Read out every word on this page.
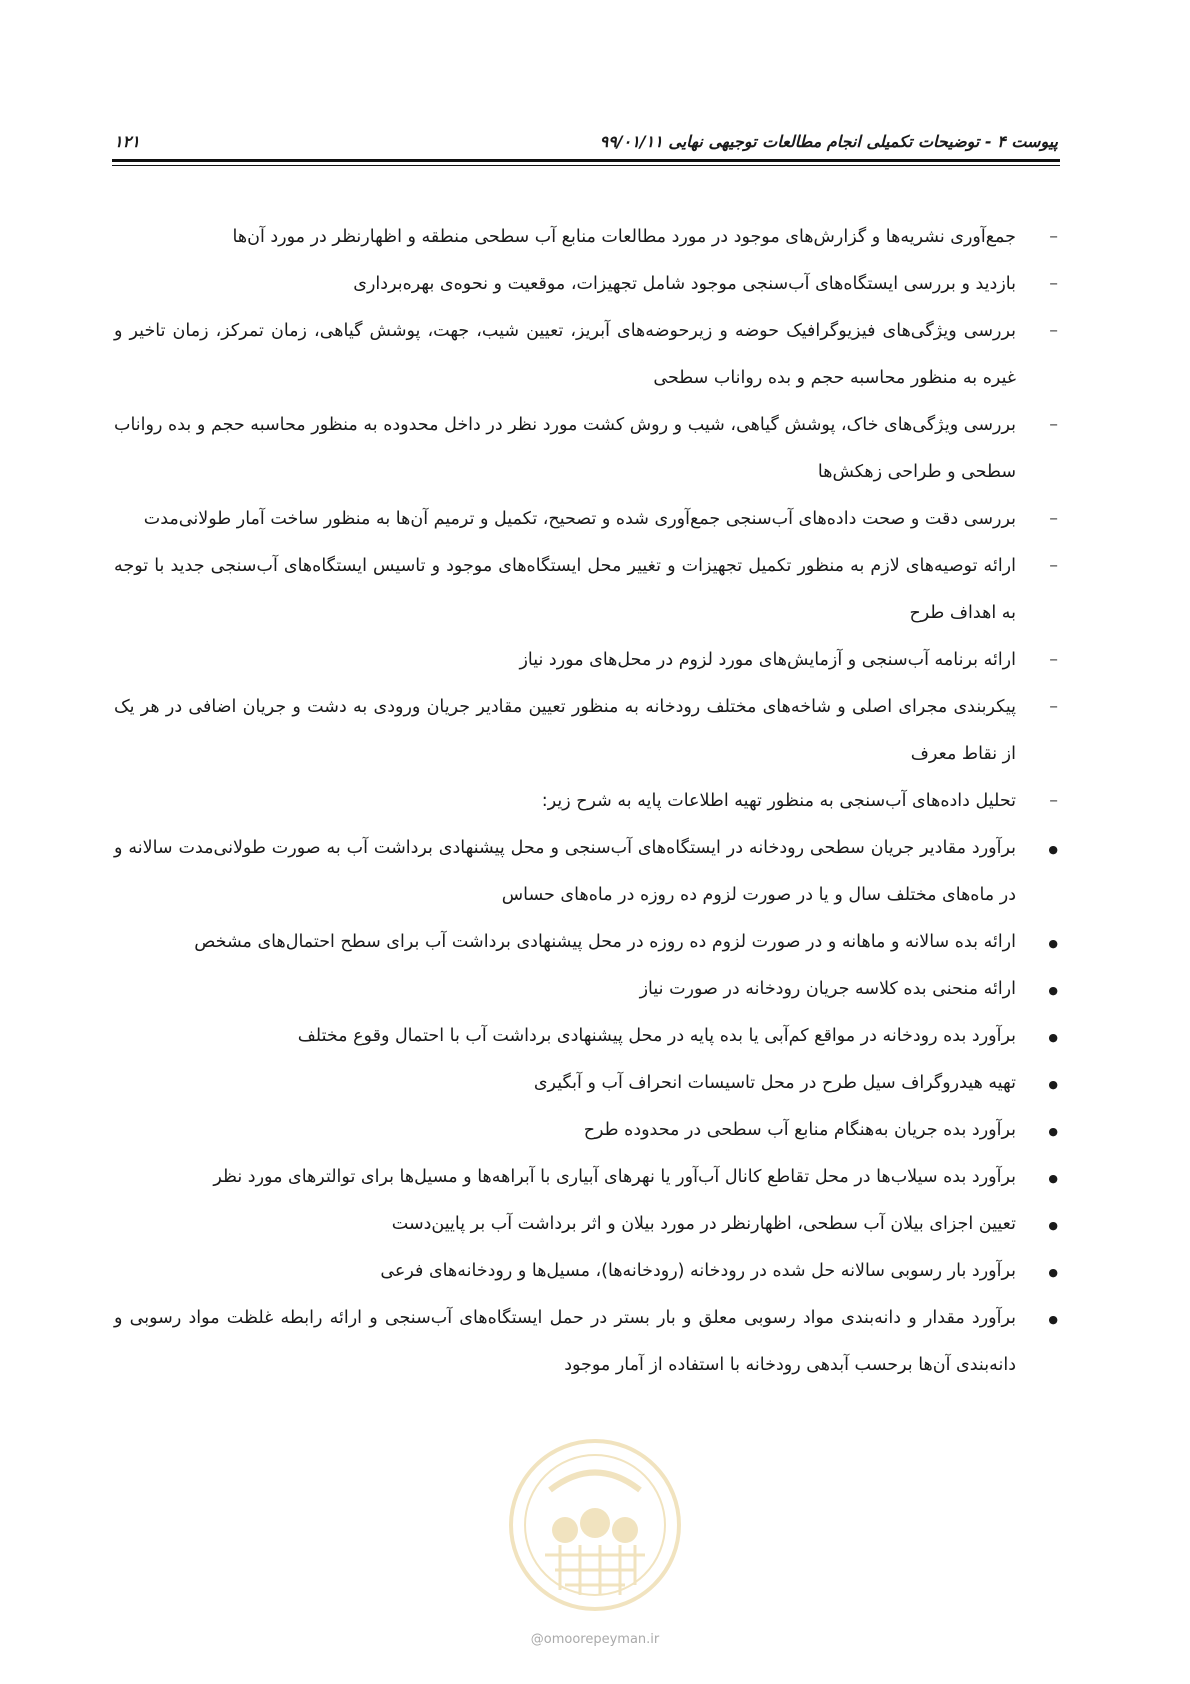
پیوست ۴ - توضیحات تکمیلی انجام مطالعات توجیهی نهایی ۹۹/۰۱/۱۱
۱۲۱
–
جمع‌آوری نشریه‌ها و گزارش‌های موجود در مورد مطالعات منابع آب سطحی منطقه و اظهارنظر در مورد آن‌ها
–
بازدید و بررسی ایستگاه‌های آب‌سنجی موجود شامل تجهیزات، موقعیت و نحوه‌ی بهره‌برداری
–
بررسی ویژگی‌های فیزیوگرافیک حوضه و زیرحوضه‌های آبریز، تعیین شیب، جهت، پوشش گیاهی، زمان تمرکز، زمان تاخیر و غیره به منظور محاسبه حجم و بده رواناب سطحی
–
بررسی ویژگی‌های خاک، پوشش گیاهی، شیب و روش کشت مورد نظر در داخل محدوده به منظور محاسبه حجم و بده رواناب سطحی و طراحی زهکش‌ها
–
بررسی دقت و صحت داده‌های آب‌سنجی جمع‌آوری شده و تصحیح، تکمیل و ترمیم آن‌ها به منظور ساخت آمار طولانی‌مدت
–
ارائه توصیه‌های لازم به منظور تکمیل تجهیزات و تغییر محل ایستگاه‌های موجود و تاسیس ایستگاه‌های آب‌سنجی جدید با توجه به اهداف طرح
–
ارائه برنامه آب‌سنجی و آزمایش‌های مورد لزوم در محل‌های مورد نیاز
–
پیکربندی مجرای اصلی و شاخه‌های مختلف رودخانه به منظور تعیین مقادیر جریان ورودی به دشت و جریان اضافی در هر یک از نقاط معرف
–
تحلیل داده‌های آب‌سنجی به منظور تهیه اطلاعات پایه به شرح زیر:
●
برآورد مقادیر جریان سطحی رودخانه در ایستگاه‌های آب‌سنجی و محل پیشنهادی برداشت آب به صورت طولانی‌مدت سالانه و در ماه‌های مختلف سال و یا در صورت لزوم ده روزه در ماه‌های حساس
●
ارائه بده سالانه و ماهانه و در صورت لزوم ده روزه در محل پیشنهادی برداشت آب برای سطح احتمال‌های مشخص
●
ارائه منحنی بده کلاسه جریان رودخانه در صورت نیاز
●
برآورد بده رودخانه در مواقع کم‌آبی یا بده پایه در محل پیشنهادی برداشت آب با احتمال وقوع مختلف
●
تهیه هیدروگراف سیل طرح در محل تاسیسات انحراف آب و آبگیری
●
برآورد بده جریان به‌هنگام منابع آب سطحی در محدوده طرح
●
برآورد بده سیلاب‌ها در محل تقاطع کانال آب‌آور یا نهرهای آبیاری با آبراهه‌ها و مسیل‌ها برای توالترهای مورد نظر
●
تعیین اجزای بیلان آب سطحی، اظهارنظر در مورد بیلان و اثر برداشت آب بر پایین‌دست
●
برآورد بار رسوبی سالانه حل شده در رودخانه (رودخانه‌ها)، مسیل‌ها و رودخانه‌های فرعی
●
برآورد مقدار و دانه‌بندی مواد رسوبی معلق و بار بستر در حمل ایستگاه‌های آب‌سنجی و ارائه رابطه غلظت مواد رسوبی و دانه‌بندی آن‌ها برحسب آبدهی رودخانه با استفاده از آمار موجود
@omoorepeyman.ir
